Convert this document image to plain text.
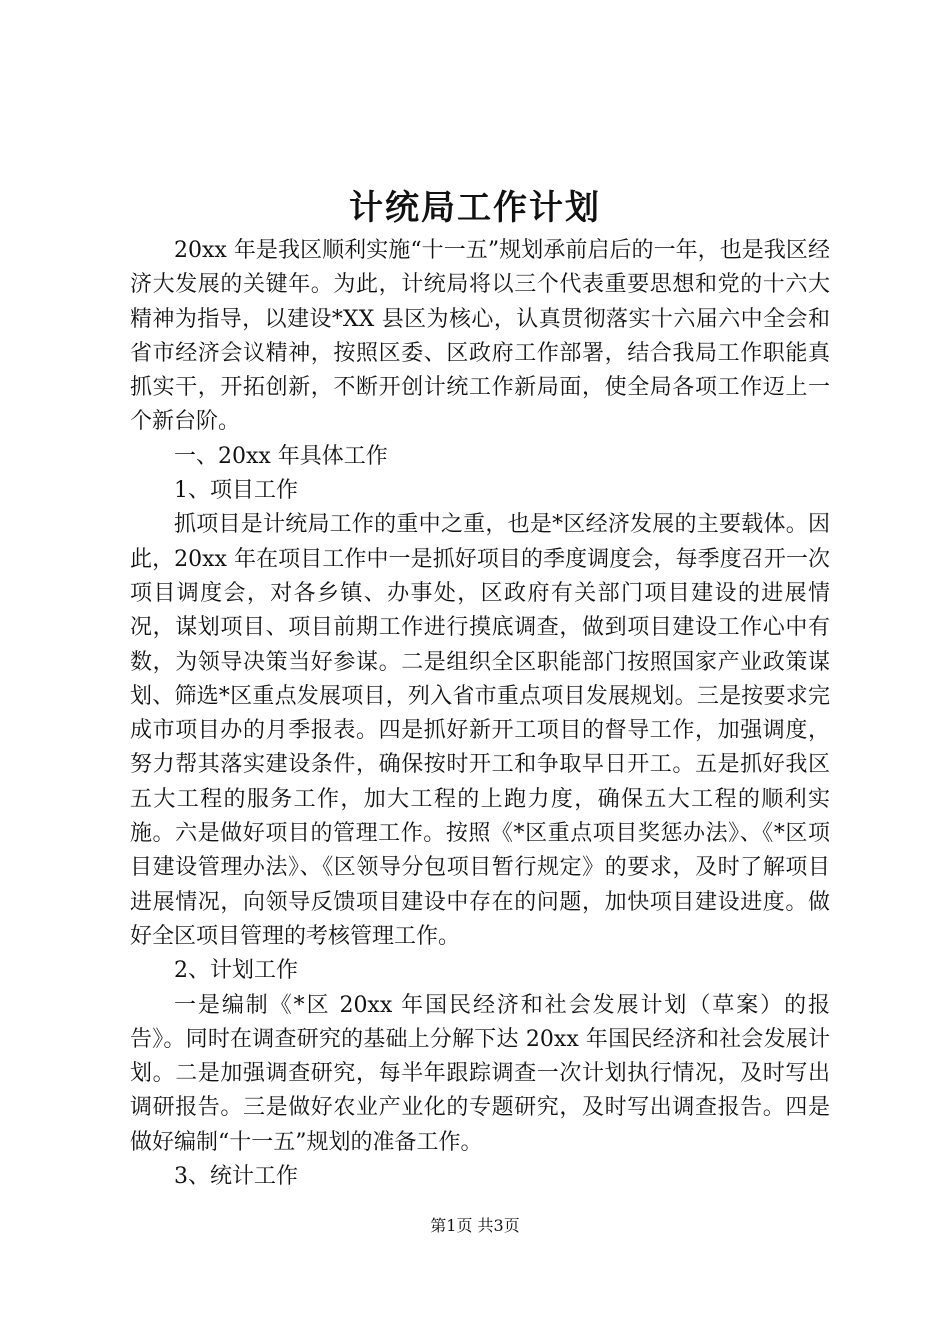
计统局工作计划

20xx 年是我区顺利实施“十一五”规划承前启后的一年，也是我区经济大发展的关键年。为此，计统局将以三个代表重要思想和党的十六大精神为指导，以建设*XX 县区为核心，认真贯彻落实十六届六中全会和省市经济会议精神，按照区委、区政府工作部署，结合我局工作职能真抓实干，开拓创新，不断开创计统工作新局面，使全局各项工作迈上一个新台阶。

一、20xx 年具体工作

1、项目工作

抓项目是计统局工作的重中之重，也是*区经济发展的主要载体。因此，20xx 年在项目工作中一是抓好项目的季度调度会，每季度召开一次项目调度会，对各乡镇、办事处，区政府有关部门项目建设的进展情况，谋划项目、项目前期工作进行摸底调查，做到项目建设工作心中有数，为领导决策当好参谋。二是组织全区职能部门按照国家产业政策谋划、筛选*区重点发展项目，列入省市重点项目发展规划。三是按要求完成市项目办的月季报表。四是抓好新开工项目的督导工作，加强调度，努力帮其落实建设条件，确保按时开工和争取早日开工。五是抓好我区五大工程的服务工作，加大工程的上跑力度，确保五大工程的顺利实施。六是做好项目的管理工作。按照《*区重点项目奖惩办法》、《*区项目建设管理办法》、《区领导分包项目暂行规定》的要求，及时了解项目进展情况，向领导反馈项目建设中存在的问题，加快项目建设进度。做好全区项目管理的考核管理工作。

2、计划工作

一是编制《*区 20xx 年国民经济和社会发展计划（草案）的报告》。同时在调查研究的基础上分解下达 20xx 年国民经济和社会发展计划。二是加强调查研究，每半年跟踪调查一次计划执行情况，及时写出调研报告。三是做好农业产业化的专题研究，及时写出调查报告。四是做好编制“十一五”规划的准备工作。

3、统计工作

第1页 共3页
